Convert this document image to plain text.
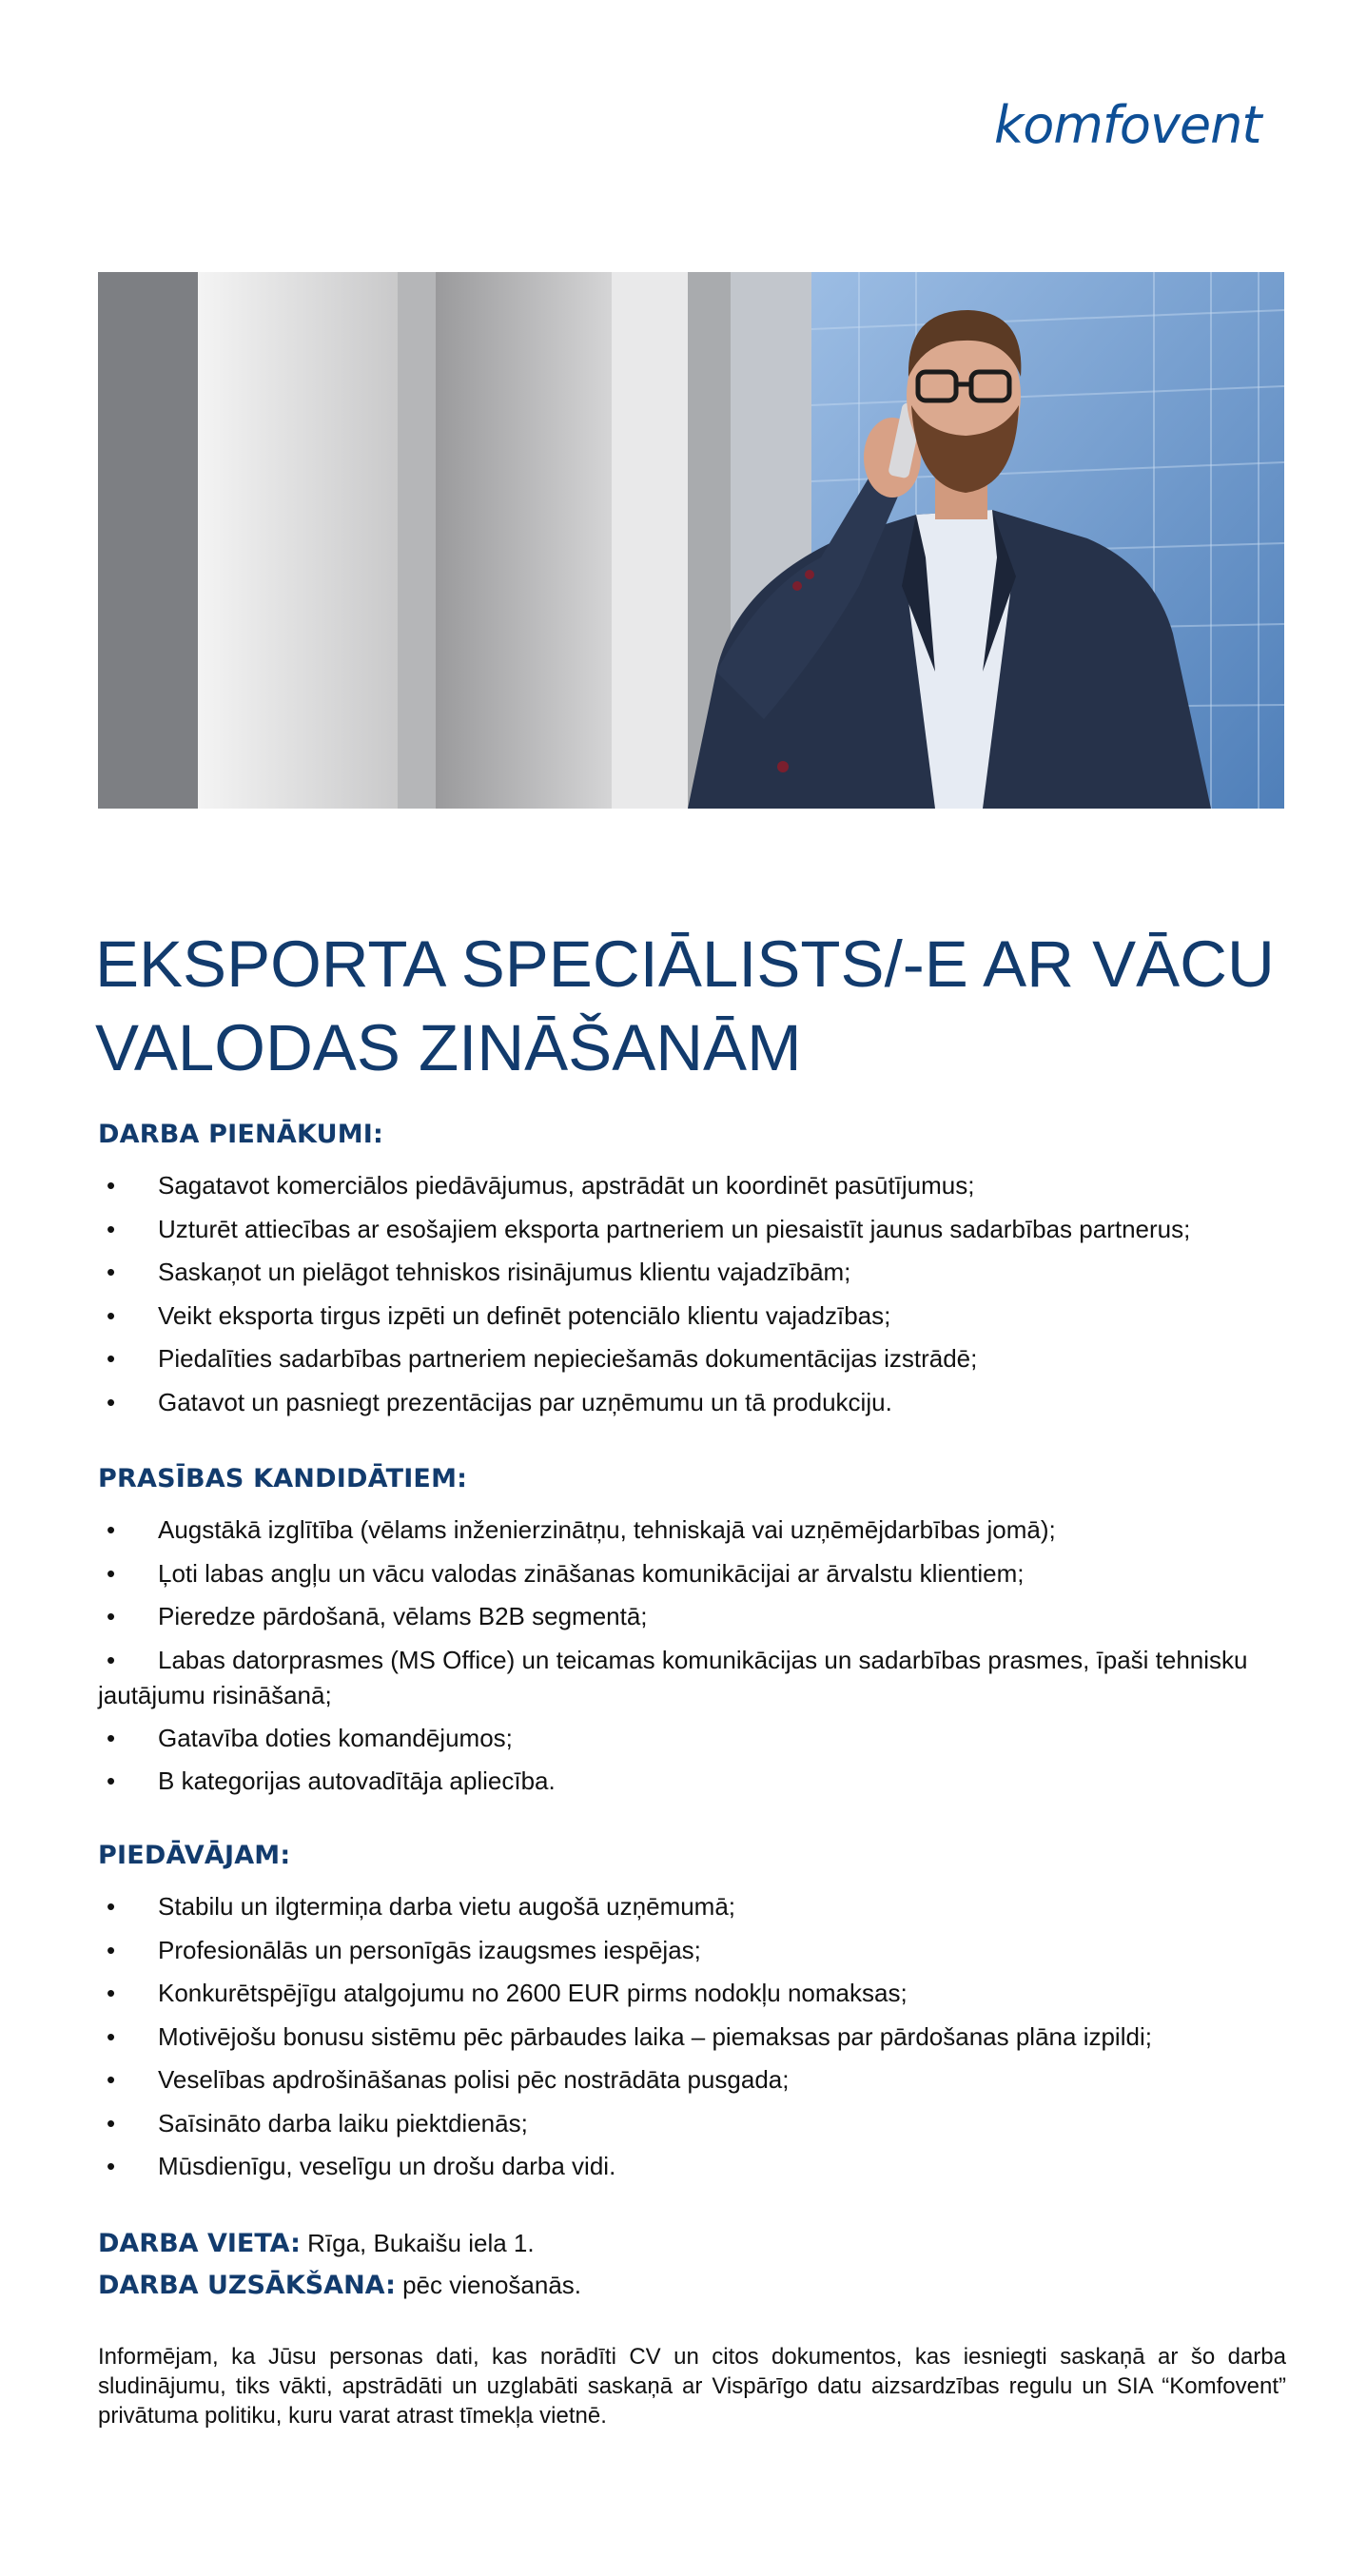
komfovent
EKSPORTA SPECIĀLISTS/-E AR VĀCU
VALODAS ZINĀŠANĀM
DARBA PIENĀKUMI:
• Sagatavot komerciālos piedāvājumus, apstrādāt un koordinēt pasūtījumus;
• Uzturēt attiecības ar esošajiem eksporta partneriem un piesaistīt jaunus sadarbības partnerus;
• Saskaņot un pielāgot tehniskos risinājumus klientu vajadzībām;
• Veikt eksporta tirgus izpēti un definēt potenciālo klientu vajadzības;
• Piedalīties sadarbības partneriem nepieciešamās dokumentācijas izstrādē;
• Gatavot un pasniegt prezentācijas par uzņēmumu un tā produkciju.
PRASĪBAS KANDIDĀTIEM:
• Augstākā izglītība (vēlams inženierzinātņu, tehniskajā vai uzņēmējdarbības jomā);
• Ļoti labas angļu un vācu valodas zināšanas komunikācijai ar ārvalstu klientiem;
• Pieredze pārdošanā, vēlams B2B segmentā;
• Labas datorprasmes (MS Office) un teicamas komunikācijas un sadarbības prasmes, īpaši tehnisku jautājumu risināšanā;
• Gatavība doties komandējumos;
• B kategorijas autovadītāja apliecība.
PIEDĀVĀJAM:
• Stabilu un ilgtermiņa darba vietu augošā uzņēmumā;
• Profesionālās un personīgās izaugsmes iespējas;
• Konkurētspējīgu atalgojumu no 2600 EUR pirms nodokļu nomaksas;
• Motivējošu bonusu sistēmu pēc pārbaudes laika – piemaksas par pārdošanas plāna izpildi;
• Veselības apdrošināšanas polisi pēc nostrādāta pusgada;
• Saīsināto darba laiku piektdienās;
• Mūsdienīgu, veselīgu un drošu darba vidi.
DARBA VIETA: Rīga, Bukaišu iela 1.
DARBA UZSĀKŠANA: pēc vienošanās.

Informējam, ka Jūsu personas dati, kas norādīti CV un citos dokumentos, kas iesniegti saskaņā ar šo darba sludinājumu, tiks vākti, apstrādāti un uzglabāti saskaņā ar Vispārīgo datu aizsardzības regulu un SIA “Komfovent” privātuma politiku, kuru varat atrast tīmekļa vietnē.
